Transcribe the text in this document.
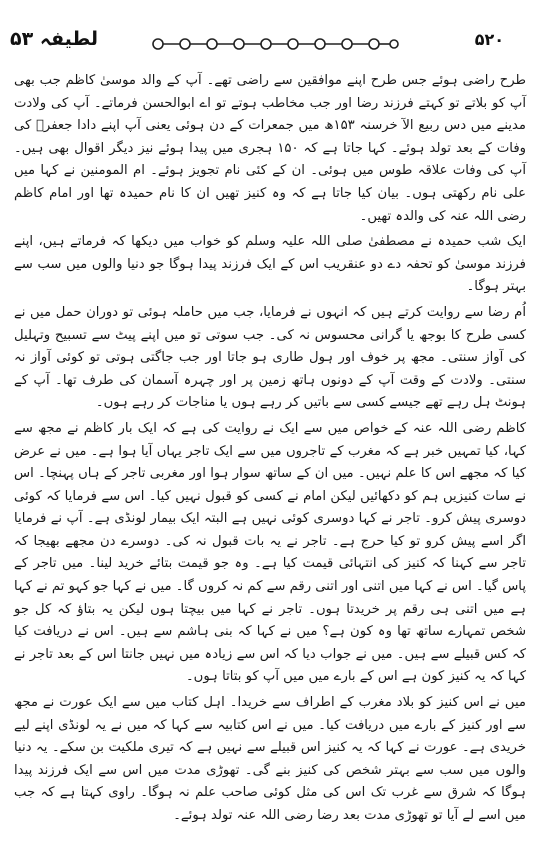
لطیفہ ۵۳	۵۲۰

طرح راضی ہوئے جس طرح اپنے موافقین سے راضی تھے۔ آپ کے والد موسیٰ کاظم جب بھی آپ کو بلاتے تو کہتے فرزند رضا اور جب مخاطب ہوتے تو اے ابوالحسن فرماتے۔ آپ کی ولادت مدینے میں دس ربیع الآ خرسنہ ۱۵۳ھ میں جمعرات کے دن ہوئی یعنی آپ اپنے دادا جعفرؑ کی وفات کے بعد تولد ہوئے۔ کہا جاتا ہے کہ ۱۵۰ ہجری میں پیدا ہوئے نیز دیگر اقوال بھی ہیں۔ آپ کی وفات علاقہ طوس میں ہوئی۔ ان کے کئی نام تجویز ہوئے۔ ام المومنین نے کہا میں علی نام رکھتی ہوں۔ بیان کیا جاتا ہے کہ وہ کنیز تھیں ان کا نام حمیدہ تھا اور امام کاظم رضی اللہ عنہ کی والدہ تھیں۔

ایک شب حمیدہ نے مصطفیٰ صلی اللہ علیہ وسلم کو خواب میں دیکھا کہ فرماتے ہیں، اپنے فرزند موسیٰ کو تحفہ دے دو عنقریب اس کے ایک فرزند پیدا ہوگا جو دنیا والوں میں سب سے بہتر ہوگا۔

اُم رضا سے روایت کرتے ہیں کہ انہوں نے فرمایا، جب میں حاملہ ہوئی تو دوران حمل میں نے کسی طرح کا بوجھ یا گرانی محسوس نہ کی۔ جب سوتی تو میں اپنے پیٹ سے تسبیح وتہلیل کی آواز سنتی۔ مجھ پر خوف اور ہول طاری ہو جاتا اور جب جاگتی ہوتی تو کوئی آواز نہ سنتی۔ ولادت کے وقت آپ کے دونوں ہاتھ زمین پر اور چہرہ آسمان کی طرف تھا۔ آپ کے ہونٹ ہل رہے تھے جیسے کسی سے باتیں کر رہے ہوں یا مناجات کر رہے ہوں۔

کاظم رضی اللہ عنہ کے خواص میں سے ایک نے روایت کی ہے کہ ایک بار کاظم نے مجھ سے کہا، کیا تمہیں خبر ہے کہ مغرب کے تاجروں میں سے ایک تاجر یہاں آیا ہوا ہے۔ میں نے عرض کیا کہ مجھے اس کا علم نہیں۔ میں ان کے ساتھ سوار ہوا اور مغربی تاجر کے ہاں پہنچا۔ اس نے سات کنیزیں ہم کو دکھائیں لیکن امام نے کسی کو قبول نہیں کیا۔ اس سے فرمایا کہ کوئی دوسری پیش کرو۔ تاجر نے کہا دوسری کوئی نہیں ہے البتہ ایک بیمار لونڈی ہے۔ آپ نے فرمایا اگر اسے پیش کرو تو کیا حرج ہے۔ تاجر نے یہ بات قبول نہ کی۔ دوسرے دن مجھے بھیجا کہ تاجر سے کہنا کہ کنیز کی انتہائی قیمت کیا ہے۔ وہ جو قیمت بتائے خرید لینا۔ میں تاجر کے پاس گیا۔ اس نے کہا میں اتنی اور اتنی رقم سے کم نہ کروں گا۔ میں نے کہا جو کہو تم نے کہا ہے میں اتنی ہی رقم پر خریدتا ہوں۔ تاجر نے کہا میں بیچتا ہوں لیکن یہ بتاؤ کہ کل جو شخص تمہارے ساتھ تھا وہ کون ہے؟ میں نے کہا کہ بنی ہاشم سے ہیں۔ اس نے دریافت کیا کہ کس قبیلے سے ہیں۔ میں نے جواب دیا کہ اس سے زیادہ میں نہیں جانتا اس کے بعد تاجر نے کہا کہ یہ کنیز کون ہے اس کے بارے میں میں آپ کو بتاتا ہوں۔

میں نے اس کنیز کو بلاد مغرب کے اطراف سے خریدا۔ اہل کتاب میں سے ایک عورت نے مجھ سے اور کنیز کے بارے میں دریافت کیا۔ میں نے اس کتابیہ سے کہا کہ میں نے یہ لونڈی اپنے لیے خریدی ہے۔ عورت نے کہا کہ یہ کنیز اس قبیلے سے نہیں ہے کہ تیری ملکیت بن سکے۔ یہ دنیا والوں میں سب سے بہتر شخص کی کنیز بنے گی۔ تھوڑی مدت میں اس سے ایک فرزند پیدا ہوگا کہ شرق سے غرب تک اس کی مثل کوئی صاحب علم نہ ہوگا۔ راوی کہتا ہے کہ جب میں اسے لے آیا تو تھوڑی مدت بعد رضا رضی اللہ عنہ تولد ہوئے۔
